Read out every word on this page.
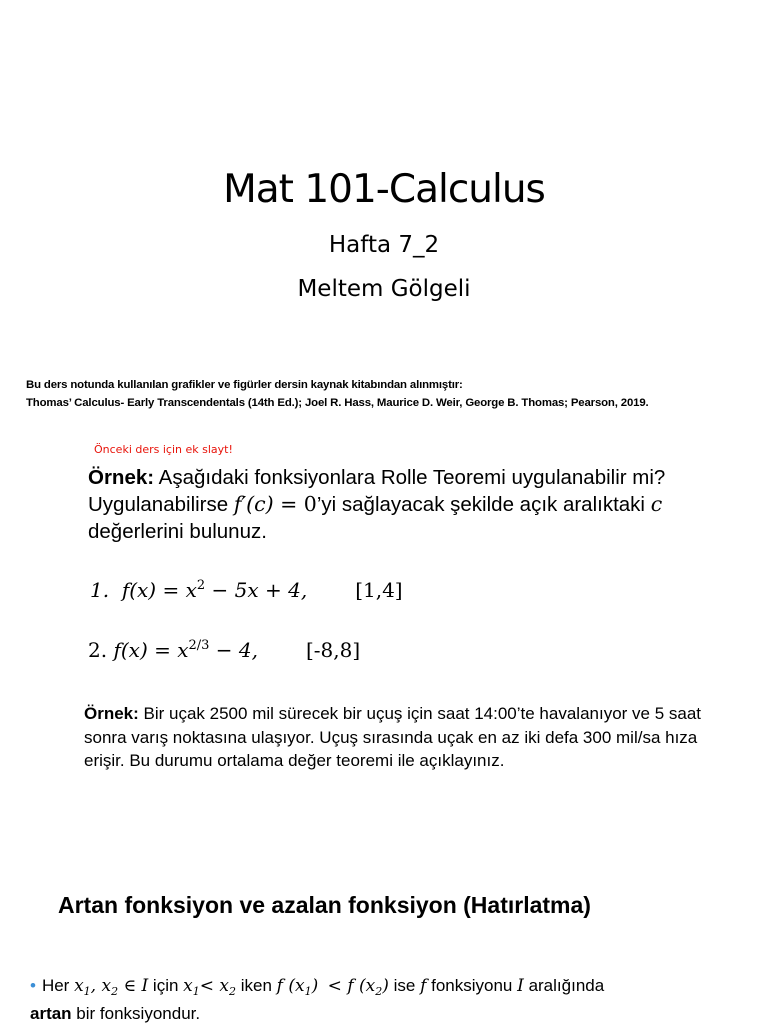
Mat 101-Calculus
Hafta 7_2
Meltem Gölgeli
Bu ders notunda kullanılan grafikler ve figürler dersin kaynak kitabından alınmıştır:
Thomas’ Calculus- Early Transcendentals (14th Ed.); Joel R. Hass, Maurice D. Weir, George B. Thomas; Pearson, 2019.
Önceki ders için ek slayt!
Örnek: Aşağıdaki fonksiyonlara Rolle Teoremi uygulanabilir mi? Uygulanabilirse f′(c) = 0’yi sağlayacak şekilde açık aralıktaki c değerlerini bulunuz.
1. $f(x) = x^2 - 5x + 4$, [1,4]
2. $f(x) = x^{2/3} - 4$, [-8,8]
Örnek: Bir uçak 2500 mil sürecek bir uçuş için saat 14:00’te havalanıyor ve 5 saat sonra varış noktasına ulaşıyor. Uçuş sırasında uçak en az iki defa 300 mil/sa hıza erişir. Bu durumu ortalama değer teoremi ile açıklayınız.
Artan fonksiyon ve azalan fonksiyon (Hatırlatma)
• Her $x_1$, $x_2$ ∈ I için $x_1< x_2$ iken f $(x_1) < f$ $(x_2)$ ise f fonksiyonu I aralığında
artan bir fonksiyondur.
